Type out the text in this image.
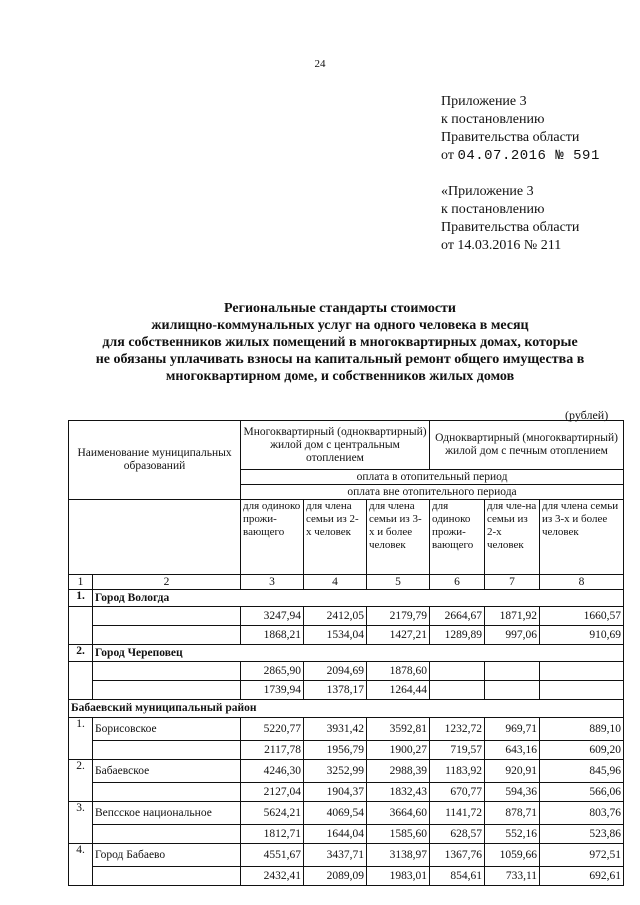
24
Приложение 3
к постановлению
Правительства области
от 04.07.2016 № 591
«Приложение 3
к постановлению
Правительства области
от 14.03.2016 № 211
Региональные стандарты стоимости
жилищно-коммунальных услуг на одного человека в месяц
для собственников жилых помещений в многоквартирных домах, которые
не обязаны уплачивать взносы на капитальный ремонт общего имущества в
многоквартирном доме, и собственников жилых домов
(рублей)
Наименование муниципальных образований		Многоквартирный (одноквартирный) жилой дом с центральным отоплением			Одноквартирный (многоквартирный) жилой дом с печным отоплением		
		оплата в отопительный период					
		оплата вне отопительного периода					
		для одиноко прожи-вающего	для члена семьи из 2-х человек	для члена семьи из 3-х и более человек	для одиноко прожи-вающего	для чле-на семьи из 2-х человек	для члена семьи из 3-х и более человек
1	2	3	4	5	6	7	8
1.	Город Вологда						
		3247,94	2412,05	2179,79	2664,67	1871,92	1660,57
		1868,21	1534,04	1427,21	1289,89	997,06	910,69
2.	Город Череповец						
		2865,90	2094,69	1878,60			
		1739,94	1378,17	1264,44			
Бабаевский муниципальный район							
1.	Борисовское	5220,77	3931,42	3592,81	1232,72	969,71	889,10
		2117,78	1956,79	1900,27	719,57	643,16	609,20
2.	Бабаевское	4246,30	3252,99	2988,39	1183,92	920,91	845,96
		2127,04	1904,37	1832,43	670,77	594,36	566,06
3.	Вепсское национальное	5624,21	4069,54	3664,60	1141,72	878,71	803,76
		1812,71	1644,04	1585,60	628,57	552,16	523,86
4.	Город Бабаево	4551,67	3437,71	3138,97	1367,76	1059,66	972,51
		2432,41	2089,09	1983,01	854,61	733,11	692,61
